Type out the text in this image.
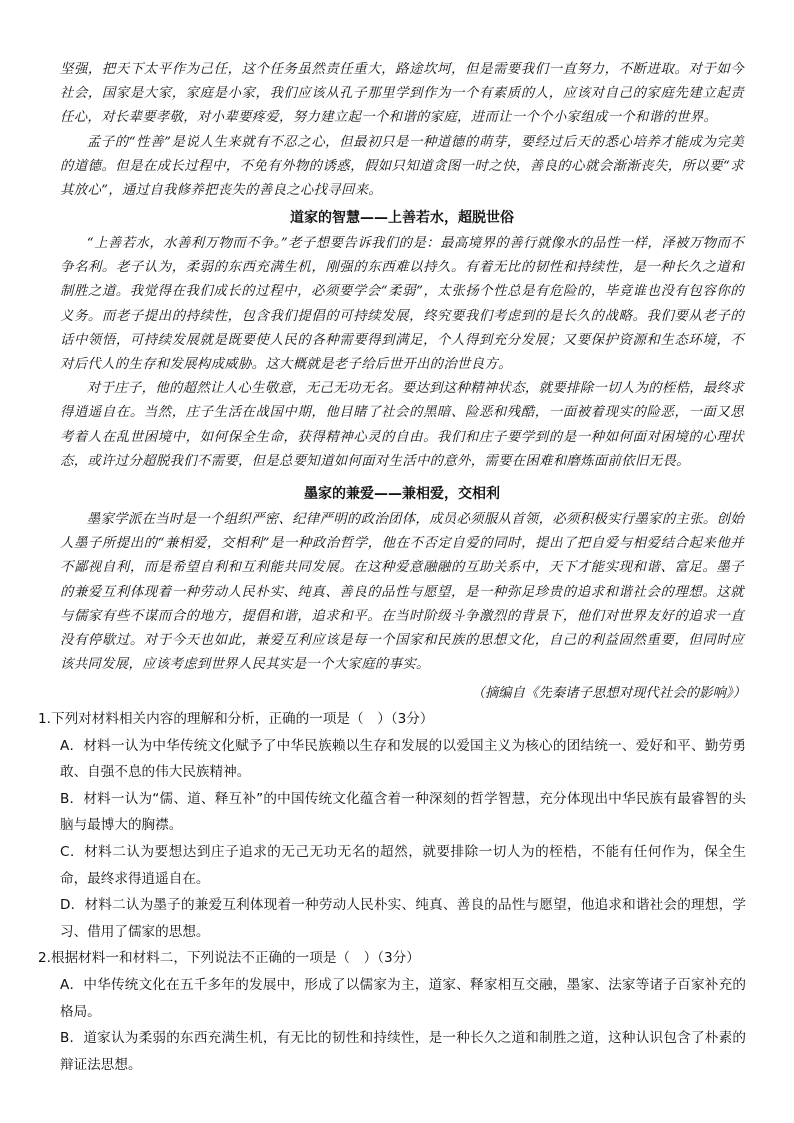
坚强，把天下太平作为己任，这个任务虽然责任重大，路途坎坷，但是需要我们一直努力，不断进取。对于如今社会，国家是大家，家庭是小家，我们应该从孔子那里学到作为一个有素质的人，应该对自己的家庭先建立起责任心，对长辈要孝敬，对小辈要疼爱，努力建立起一个和谐的家庭，进而让一个个小家组成一个和谐的世界。

孟子的“性善”是说人生来就有不忍之心，但最初只是一种道德的萌芽，要经过后天的悉心培养才能成为完美的道德。但是在成长过程中，不免有外物的诱惑，假如只知道贪图一时之快，善良的心就会渐渐丧失，所以要“求其放心”，通过自我修养把丧失的善良之心找寻回来。

道家的智慧——上善若水，超脱世俗

“上善若水，水善利万物而不争。”老子想要告诉我们的是：最高境界的善行就像水的品性一样，泽被万物而不争名利。老子认为，柔弱的东西充满生机，刚强的东西难以持久。有着无比的韧性和持续性，是一种长久之道和制胜之道。我觉得在我们成长的过程中，必须要学会“柔弱”，太张扬个性总是有危险的，毕竟谁也没有包容你的义务。而老子提出的持续性，包含我们提倡的可持续发展，终究要我们考虑到的是长久的战略。我们要从老子的话中领悟，可持续发展就是既要使人民的各种需要得到满足，个人得到充分发展；又要保护资源和生态环境，不对后代人的生存和发展构成威胁。这大概就是老子给后世开出的治世良方。

对于庄子，他的超然让人心生敬意，无己无功无名。要达到这种精神状态，就要排除一切人为的桎梏，最终求得逍遥自在。当然，庄子生活在战国中期，他目睹了社会的黑暗、险恶和残酷，一面被着现实的险恶，一面又思考着人在乱世困境中，如何保全生命，获得精神心灵的自由。我们和庄子要学到的是一种如何面对困境的心理状态，或许过分超脱我们不需要，但是总要知道如何面对生活中的意外，需要在困难和磨炼面前依旧无畏。

墨家的兼爱——兼相爱，交相利

墨家学派在当时是一个组织严密、纪律严明的政治团体，成员必须服从首领，必须积极实行墨家的主张。创始人墨子所提出的“兼相爱，交相利”是一种政治哲学，他在不否定自爱的同时，提出了把自爱与相爱结合起来他并不鄙视自利，而是希望自利和互利能共同发展。在这种爱意融融的互助关系中，天下才能实现和谐、富足。墨子的兼爱互利体现着一种劳动人民朴实、纯真、善良的品性与愿望，是一种弥足珍贵的追求和谐社会的理想。这就与儒家有些不谋而合的地方，提倡和谐，追求和平。在当时阶级斗争激烈的背景下，他们对世界友好的追求一直没有停歇过。对于今天也如此，兼爱互利应该是每一个国家和民族的思想文化，自己的利益固然重要，但同时应该共同发展，应该考虑到世界人民其实是一个大家庭的事实。

（摘编自《先秦诸子思想对现代社会的影响》）

1.下列对材料相关内容的理解和分析，正确的一项是（　）（3分）

A．材料一认为中华传统文化赋予了中华民族赖以生存和发展的以爱国主义为核心的团结统一、爱好和平、勤劳勇敢、自强不息的伟大民族精神。

B．材料一认为“儒、道、释互补”的中国传统文化蕴含着一种深刻的哲学智慧，充分体现出中华民族有最睿智的头脑与最博大的胸襟。

C．材料二认为要想达到庄子追求的无己无功无名的超然，就要排除一切人为的桎梏，不能有任何作为，保全生命，最终求得逍遥自在。

D．材料二认为墨子的兼爱互利体现着一种劳动人民朴实、纯真、善良的品性与愿望，他追求和谐社会的理想，学习、借用了儒家的思想。

2.根据材料一和材料二，下列说法不正确的一项是（　）（3分）

A．中华传统文化在五千多年的发展中，形成了以儒家为主，道家、释家相互交融，墨家、法家等诸子百家补充的格局。

B．道家认为柔弱的东西充满生机，有无比的韧性和持续性，是一种长久之道和制胜之道，这种认识包含了朴素的辩证法思想。
